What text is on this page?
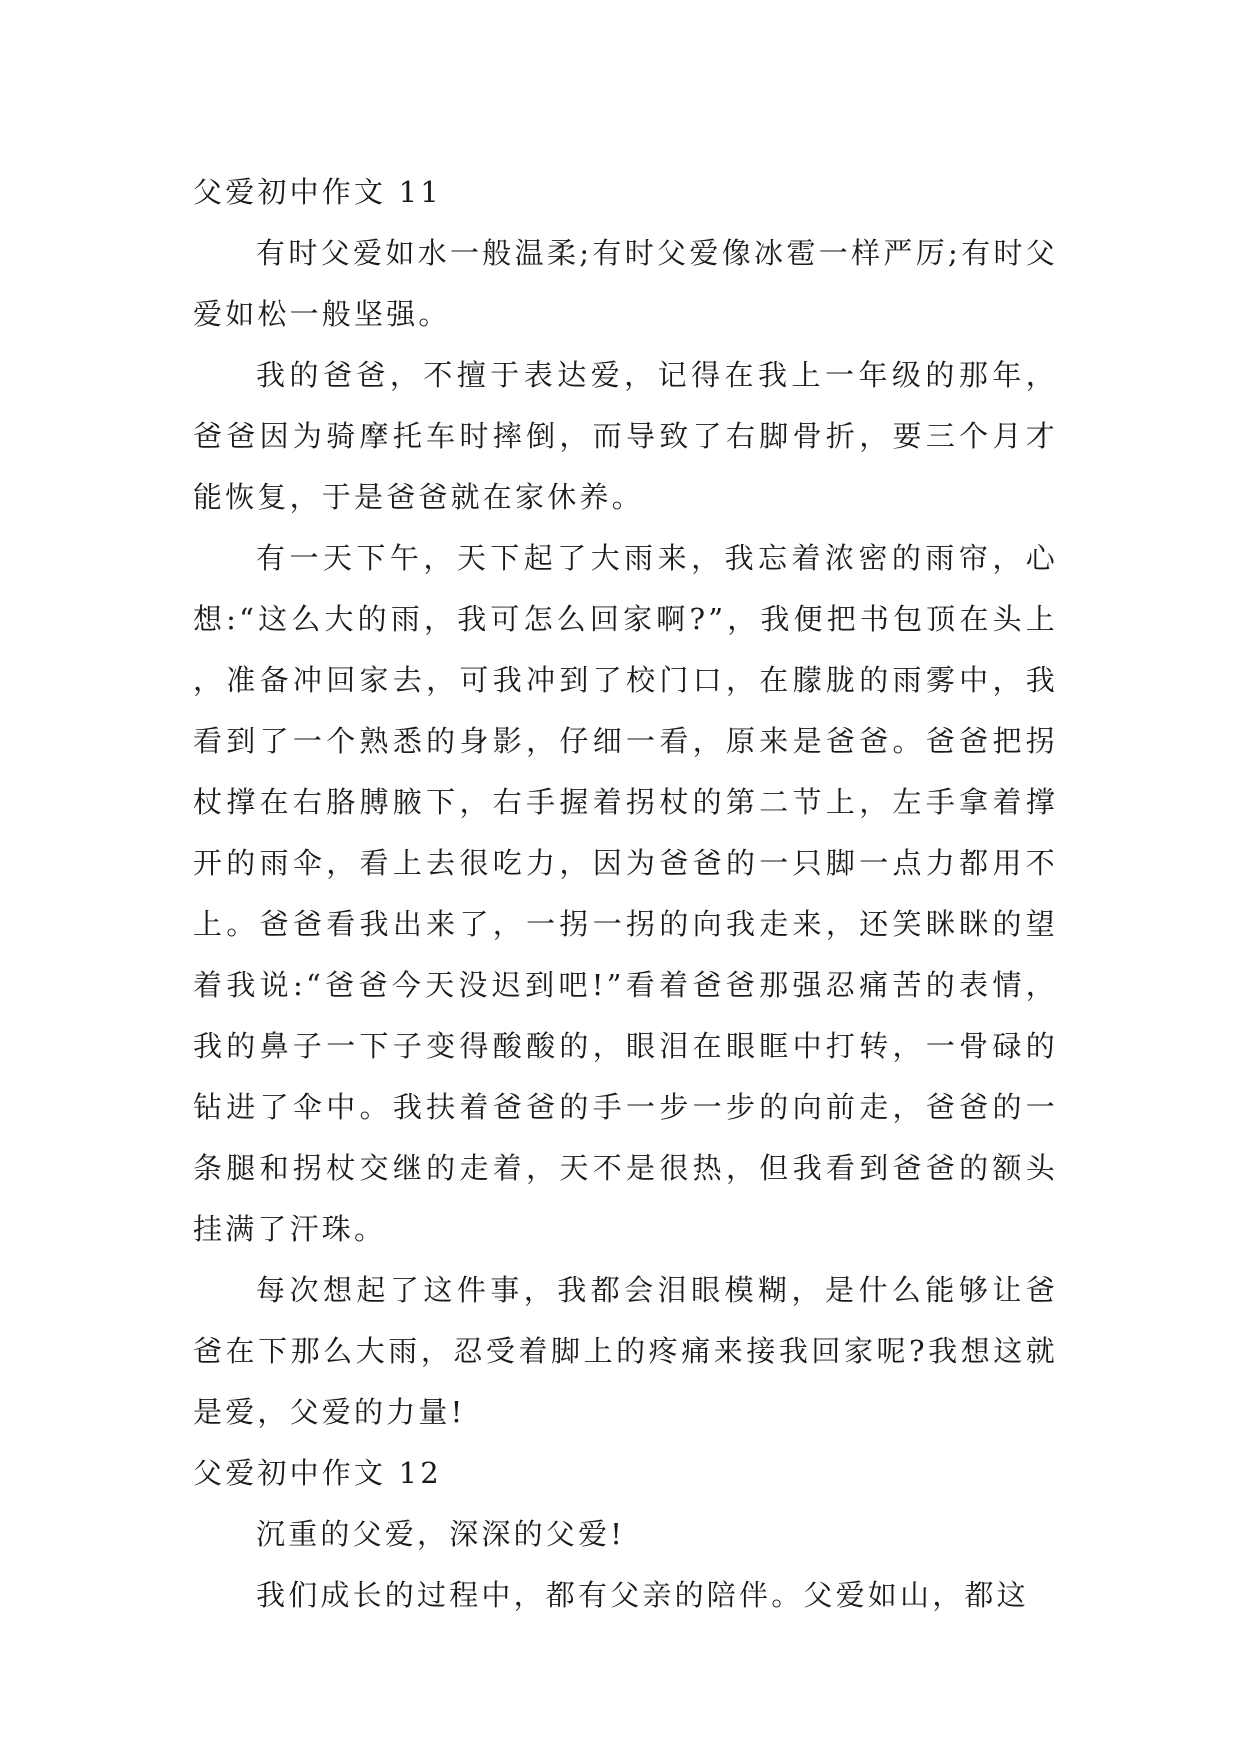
父爱初中作文 11

有时父爱如水一般温柔;有时父爱像冰雹一样严厉;有时父爱如松一般坚强。

我的爸爸，不擅于表达爱，记得在我上一年级的那年，爸爸因为骑摩托车时摔倒，而导致了右脚骨折，要三个月才能恢复，于是爸爸就在家休养。

有一天下午，天下起了大雨来，我忘着浓密的雨帘，心想:“这么大的雨，我可怎么回家啊?”，我便把书包顶在头上，准备冲回家去，可我冲到了校门口，在朦胧的雨雾中，我看到了一个熟悉的身影，仔细一看，原来是爸爸。爸爸把拐杖撑在右胳膊腋下，右手握着拐杖的第二节上，左手拿着撑开的雨伞，看上去很吃力，因为爸爸的一只脚一点力都用不上。爸爸看我出来了，一拐一拐的向我走来，还笑眯眯的望着我说:“爸爸今天没迟到吧!”看着爸爸那强忍痛苦的表情，我的鼻子一下子变得酸酸的，眼泪在眼眶中打转，一骨碌的钻进了伞中。我扶着爸爸的手一步一步的向前走，爸爸的一条腿和拐杖交继的走着，天不是很热，但我看到爸爸的额头挂满了汗珠。

每次想起了这件事，我都会泪眼模糊，是什么能够让爸爸在下那么大雨，忍受着脚上的疼痛来接我回家呢?我想这就是爱，父爱的力量!

父爱初中作文 12

沉重的父爱，深深的父爱!

我们成长的过程中，都有父亲的陪伴。父爱如山，都这
